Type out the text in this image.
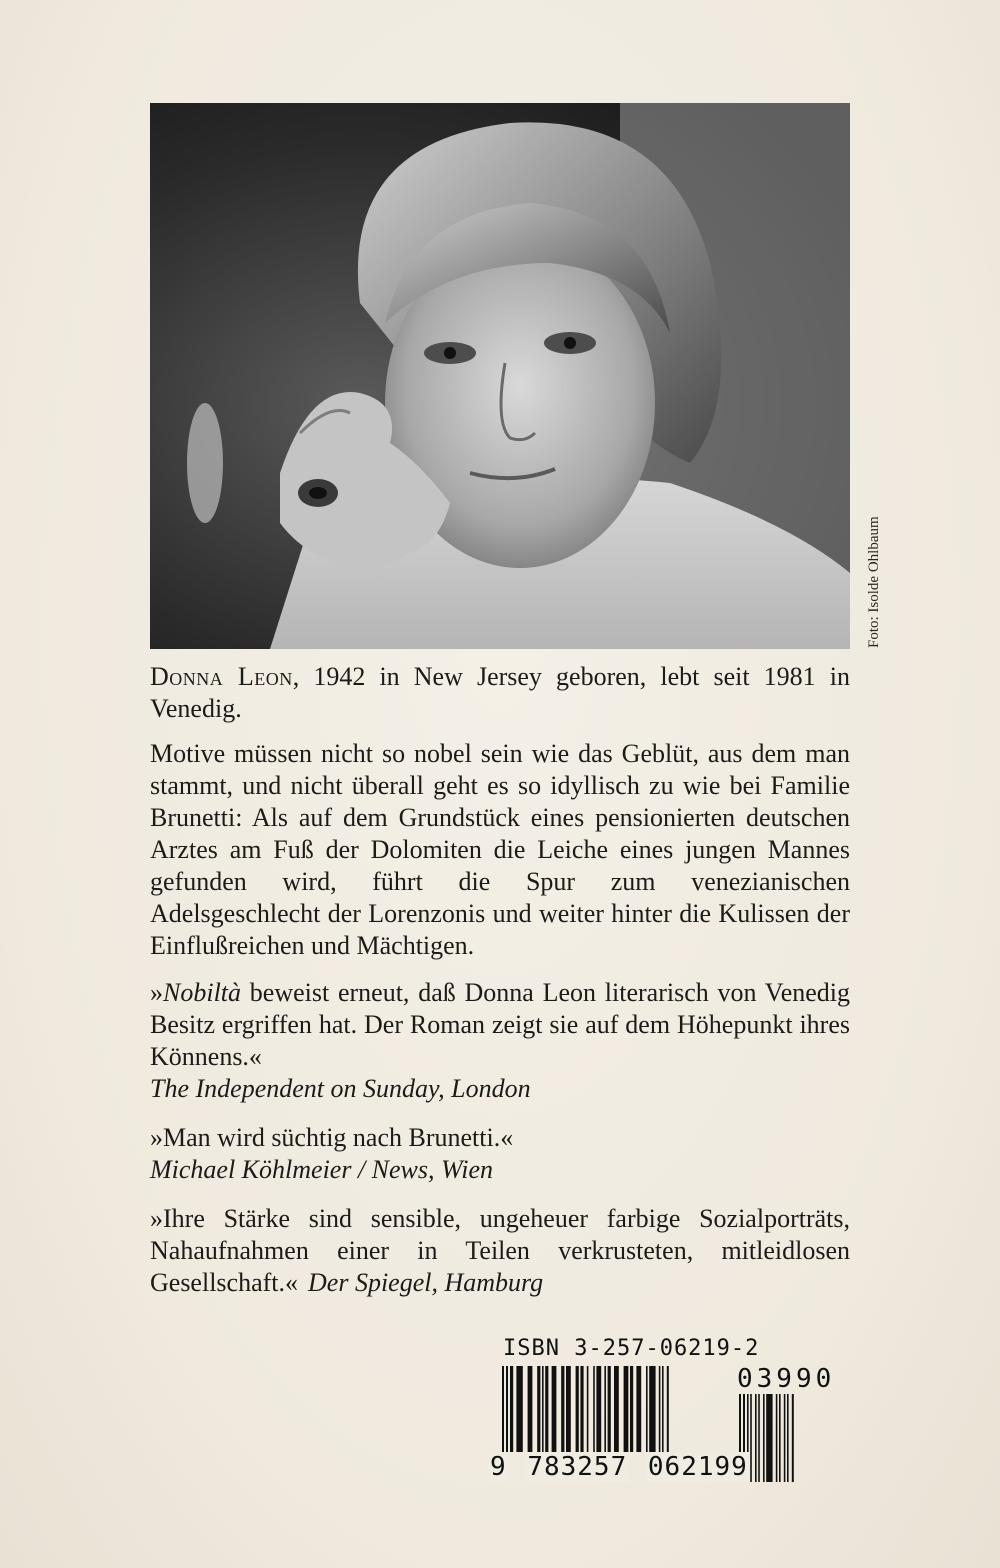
Foto: Isolde Ohlbaum

Donna Leon, 1942 in New Jersey geboren, lebt seit 1981 in Venedig.

Motive müssen nicht so nobel sein wie das Geblüt, aus dem man stammt, und nicht überall geht es so idyllisch zu wie bei Familie Brunetti: Als auf dem Grundstück eines pensionierten deutschen Arztes am Fuß der Dolomiten die Leiche eines jungen Mannes gefunden wird, führt die Spur zum venezianischen Adelsgeschlecht der Lorenzonis und weiter hinter die Kulissen der Einflußreichen und Mächtigen.

»Nobiltà beweist erneut, daß Donna Leon literarisch von Venedig Besitz ergriffen hat. Der Roman zeigt sie auf dem Höhepunkt ihres Könnens.«

The Independent on Sunday, London

»Man wird süchtig nach Brunetti.«

Michael Köhlmeier / News, Wien

»Ihre Stärke sind sensible, ungeheuer farbige Sozialporträts, Nahaufnahmen einer in Teilen verkrusteten, mitleidlosen Gesellschaft.« Der Spiegel, Hamburg

ISBN 3-257-06219-2
03990
9 783257 062199
